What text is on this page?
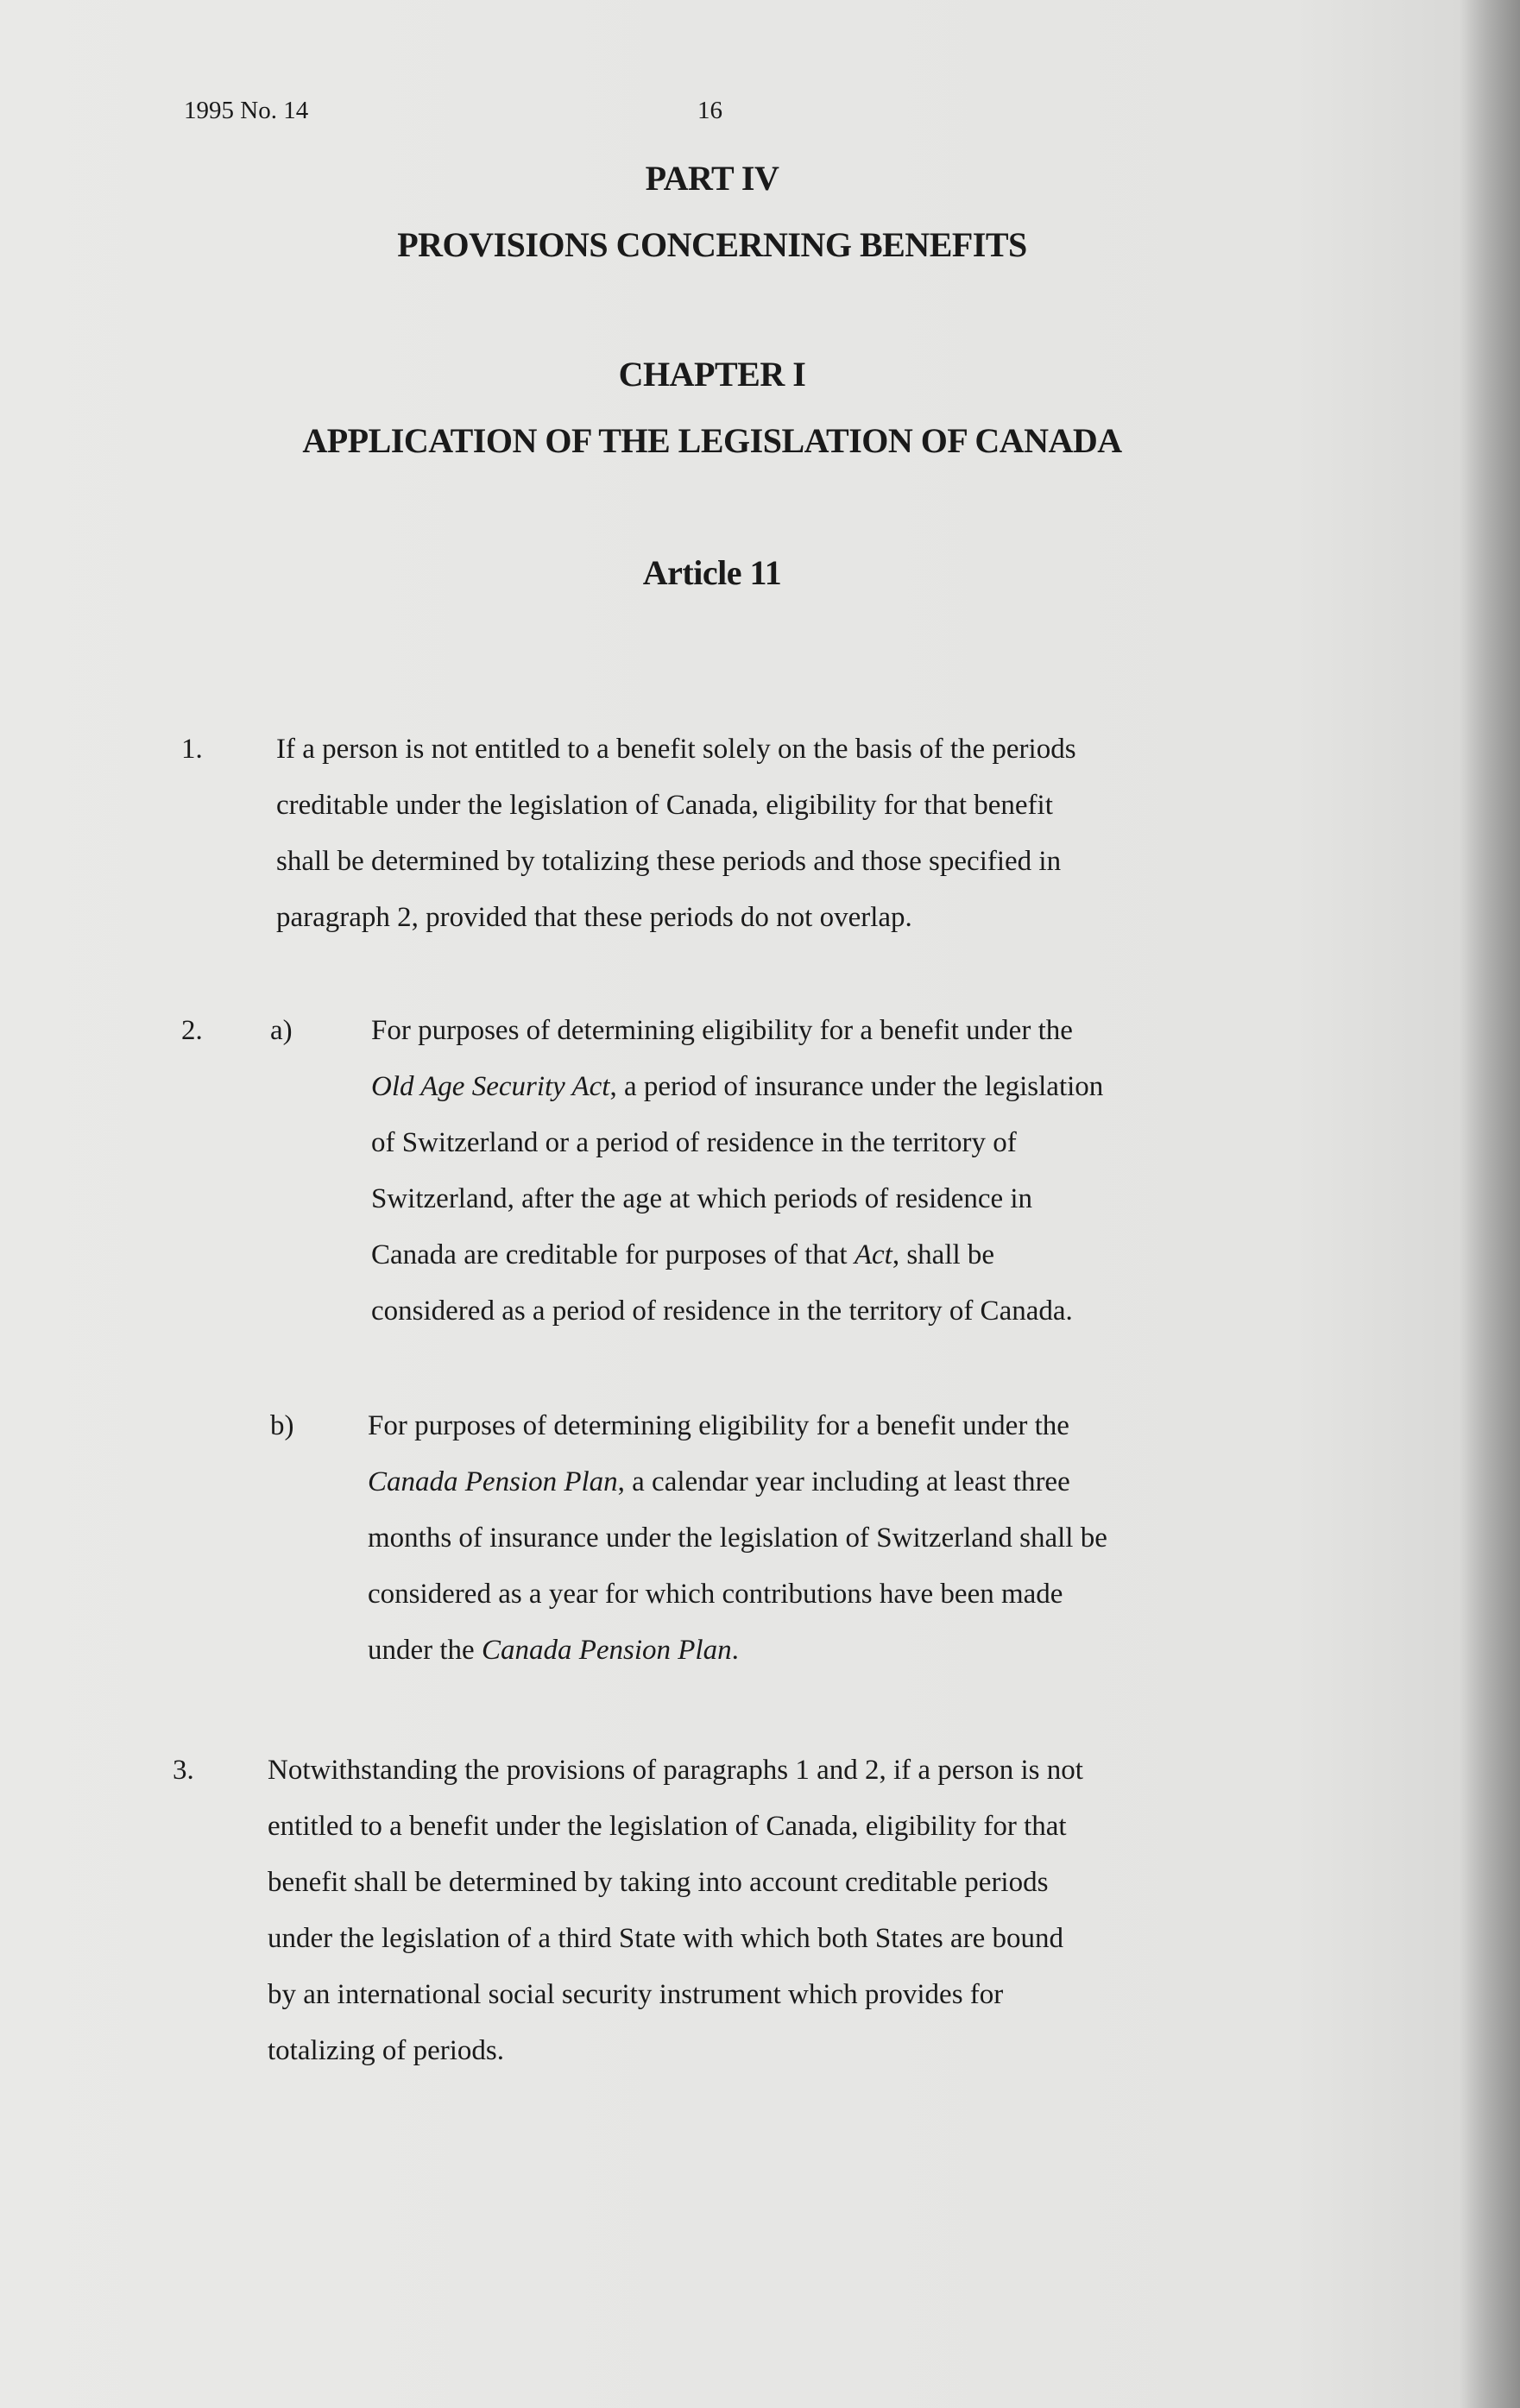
1995 No. 14	16
PART IV
PROVISIONS CONCERNING BENEFITS
CHAPTER I
APPLICATION OF THE LEGISLATION OF CANADA
Article 11
1.	If a person is not entitled to a benefit solely on the basis of the periods
creditable under the legislation of Canada, eligibility for that benefit
shall be determined by totalizing these periods and those specified in
paragraph 2, provided that these periods do not overlap.
2. a)	For purposes of determining eligibility for a benefit under the
Old Age Security Act, a period of insurance under the legislation
of Switzerland or a period of residence in the territory of
Switzerland, after the age at which periods of residence in
Canada are creditable for purposes of that Act, shall be
considered as a period of residence in the territory of Canada.
b)	For purposes of determining eligibility for a benefit under the
Canada Pension Plan, a calendar year including at least three
months of insurance under the legislation of Switzerland shall be
considered as a year for which contributions have been made
under the Canada Pension Plan.
3.	Notwithstanding the provisions of paragraphs 1 and 2, if a person is not
entitled to a benefit under the legislation of Canada, eligibility for that
benefit shall be determined by taking into account creditable periods
under the legislation of a third State with which both States are bound
by an international social security instrument which provides for
totalizing of periods.
